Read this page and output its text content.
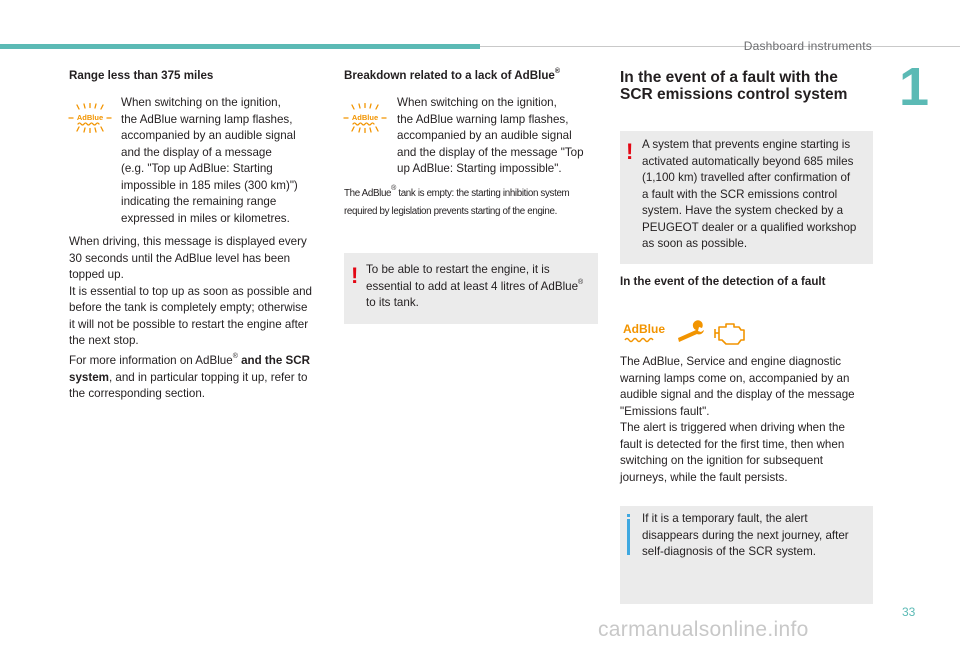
Dashboard instruments
1
33
carmanualsonline.info
Range less than 375 miles
AdBlue
When switching on the ignition,
the AdBlue warning lamp flashes,
accompanied by an audible signal
and the display of a message
(e.g. "Top up AdBlue: Starting
impossible in 185 miles (300 km)")
indicating the remaining range
expressed in miles or kilometres.
When driving, this message is displayed every
30 seconds until the AdBlue level has been
topped up.
It is essential to top up as soon as possible and
before the tank is completely empty; otherwise
it will not be possible to restart the engine after
the next stop.
For more information on AdBlue® and the SCR
system, and in particular topping it up, refer to
the corresponding section.
Breakdown related to a lack of AdBlue®
AdBlue
When switching on the ignition,
the AdBlue warning lamp flashes,
accompanied by an audible signal
and the display of the message "Top
up AdBlue: Starting impossible".
The AdBlue® tank is empty: the starting inhibition system
required by legislation prevents starting of the engine.
! To be able to restart the engine, it is
essential to add at least 4 litres of AdBlue®
to its tank.
In the event of a fault with the
SCR emissions control system
! A system that prevents engine starting is
activated automatically beyond 685 miles
(1,100 km) travelled after confirmation of
a fault with the SCR emissions control
system. Have the system checked by a
PEUGEOT dealer or a qualified workshop
as soon as possible.
In the event of the detection of a fault
AdBlue
The AdBlue, Service and engine diagnostic
warning lamps come on, accompanied by an
audible signal and the display of the message
"Emissions fault".
The alert is triggered when driving when the
fault is detected for the first time, then when
switching on the ignition for subsequent
journeys, while the fault persists.
If it is a temporary fault, the alert
disappears during the next journey, after
self-diagnosis of the SCR system.
